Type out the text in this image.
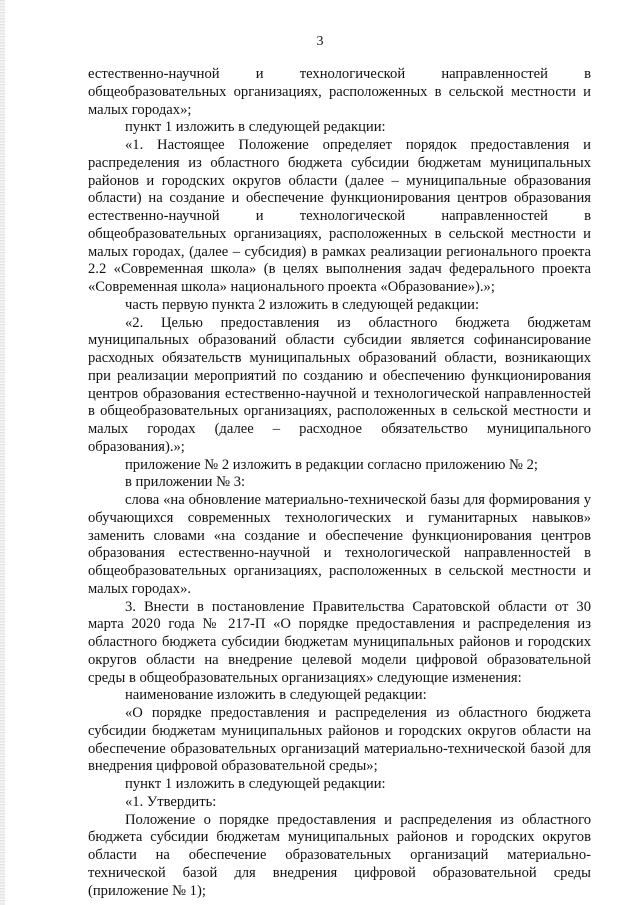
3

естественно-научной и технологической направленностей в общеобразовательных организациях, расположенных в сельской местности и малых городах»;

пункт 1 изложить в следующей редакции:

«1. Настоящее Положение определяет порядок предоставления и распределения из областного бюджета субсидии бюджетам муниципальных районов и городских округов области (далее – муниципальные образования области) на создание и обеспечение функционирования центров образования естественно-научной и технологической направленностей в общеобразовательных организациях, расположенных в сельской местности и малых городах, (далее – субсидия) в рамках реализации регионального проекта 2.2 «Современная школа» (в целях выполнения задач федерального проекта «Современная школа» национального проекта «Образование»).»;

часть первую пункта 2 изложить в следующей редакции:

«2. Целью предоставления из областного бюджета бюджетам муниципальных образований области субсидии является софинансирование расходных обязательств муниципальных образований области, возникающих при реализации мероприятий по созданию и обеспечению функционирования центров образования естественно-научной и технологической направленностей в общеобразовательных организациях, расположенных в сельской местности и малых городах (далее – расходное обязательство муниципального образования).»;

приложение № 2 изложить в редакции согласно приложению № 2;

в приложении № 3:

слова «на обновление материально-технической базы для формирования у обучающихся современных технологических и гуманитарных навыков» заменить словами «на создание и обеспечение функционирования центров образования естественно-научной и технологической направленностей в общеобразовательных организациях, расположенных в сельской местности и малых городах».

3. Внести в постановление Правительства Саратовской области от 30 марта 2020 года № 217-П «О порядке предоставления и распределения из областного бюджета субсидии бюджетам муниципальных районов и городских округов области на внедрение целевой модели цифровой образовательной среды в общеобразовательных организациях» следующие изменения:

наименование изложить в следующей редакции:

«О порядке предоставления и распределения из областного бюджета субсидии бюджетам муниципальных районов и городских округов области на обеспечение образовательных организаций материально-технической базой для внедрения цифровой образовательной среды»;

пункт 1 изложить в следующей редакции:

«1. Утвердить:

Положение о порядке предоставления и распределения из областного бюджета субсидии бюджетам муниципальных районов и городских округов области на обеспечение образовательных организаций материально-технической базой для внедрения цифровой образовательной среды (приложение № 1);
